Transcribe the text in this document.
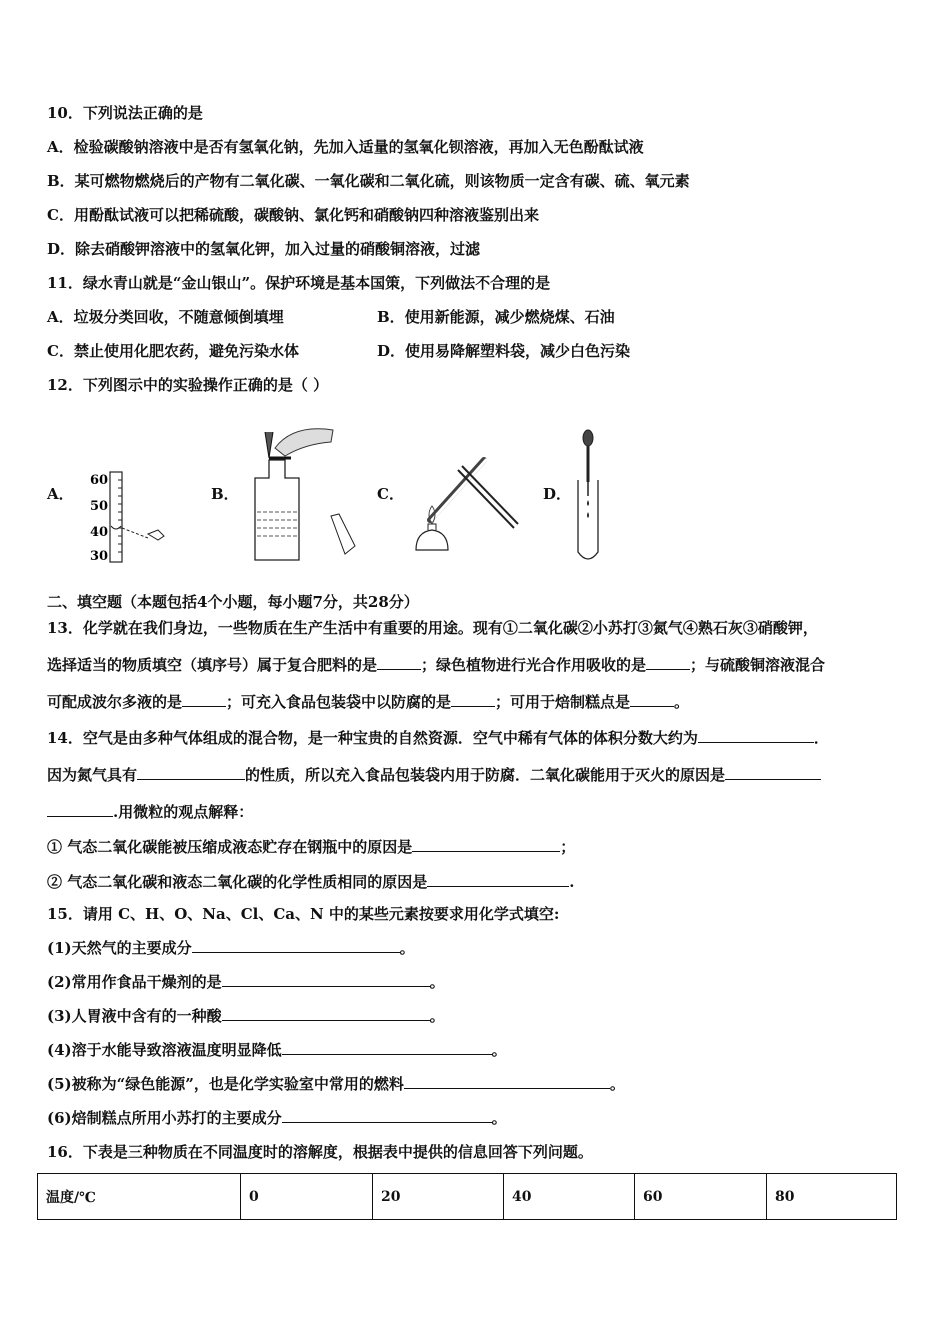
10．下列说法正确的是
A．检验碳酸钠溶液中是否有氢氧化钠，先加入适量的氢氧化钡溶液，再加入无色酚酞试液
B．某可燃物燃烧后的产物有二氧化碳、一氧化碳和二氧化硫，则该物质一定含有碳、硫、氧元素
C．用酚酞试液可以把稀硫酸，碳酸钠、氯化钙和硝酸钠四种溶液鉴别出来
D．除去硝酸钾溶液中的氢氧化钾，加入过量的硝酸铜溶液，过滤
11．绿水青山就是“金山银山”。保护环境是基本国策，下列做法不合理的是
A．垃圾分类回收，不随意倾倒填埋	B．使用新能源，减少燃烧煤、石油
C．禁止使用化肥农药，避免污染水体	D．使用易降解塑料袋，减少白色污染
12．下列图示中的实验操作正确的是（ ）
A．
60
50
40
30
B．	C．	D．
二、填空题（本题包括4个小题，每小题7分，共28分）
13．化学就在我们身边，一些物质在生产生活中有重要的用途。现有①二氧化碳②小苏打③氮气④熟石灰③硝酸钾，
选择适当的物质填空（填序号）属于复合肥料的是	；绿色植物进行光合作用吸收的是	；与硫酸铜溶液混合
可配成波尔多液的是	；可充入食品包装袋中以防腐的是	；可用于焙制糕点是	。
14．空气是由多种气体组成的混合物，是一种宝贵的自然资源．空气中稀有气体的体积分数大约为	．
因为氮气具有	的性质，所以充入食品包装袋内用于防腐．二氧化碳能用于灭火的原因是
.用微粒的观点解释：
① 气态二氧化碳能被压缩成液态贮存在钢瓶中的原因是	；
② 气态二氧化碳和液态二氧化碳的化学性质相同的原因是	.
15．请用 C、H、O、Na、Cl、Ca、N 中的某些元素按要求用化学式填空:
(1)天然气的主要成分	。
(2)常用作食品干燥剂的是	。
(3)人胃液中含有的一种酸	。
(4)溶于水能导致溶液温度明显降低	。
(5)被称为“绿色能源”，也是化学实验室中常用的燃料	。
(6)焙制糕点所用小苏打的主要成分	。
16．下表是三种物质在不同温度时的溶解度，根据表中提供的信息回答下列问题。
温度/℃	0	20	40	60	80
